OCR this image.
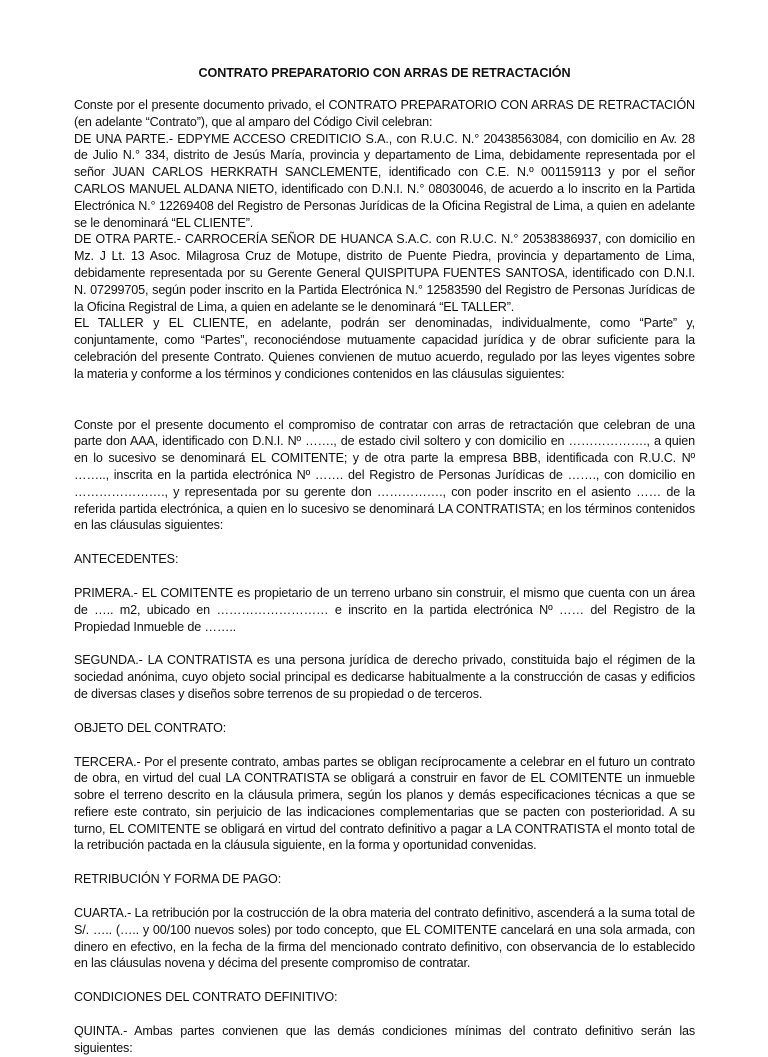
CONTRATO PREPARATORIO CON ARRAS DE RETRACTACIÓN

Conste por el presente documento privado, el CONTRATO PREPARATORIO CON ARRAS DE RETRACTACIÓN (en adelante “Contrato”), que al amparo del Código Civil celebran:

DE UNA PARTE.- EDPYME ACCESO CREDITICIO S.A., con R.U.C. N.° 20438563084, con domicilio en Av. 28 de Julio N.° 334, distrito de Jesús María, provincia y departamento de Lima, debidamente representada por el señor JUAN CARLOS HERKRATH SANCLEMENTE, identificado con C.E. N.º 001159113 y por el señor CARLOS MANUEL ALDANA NIETO, identificado con D.N.I. N.° 08030046, de acuerdo a lo inscrito en la Partida Electrónica N.° 12269408 del Registro de Personas Jurídicas de la Oficina Registral de Lima, a quien en adelante se le denominará “EL CLIENTE”.

DE OTRA PARTE.- CARROCERÍA SEÑOR DE HUANCA S.A.C. con R.U.C. N.° 20538386937, con domicilio en Mz. J Lt. 13 Asoc. Milagrosa Cruz de Motupe, distrito de Puente Piedra, provincia y departamento de Lima, debidamente representada por su Gerente General QUISPITUPA FUENTES SANTOSA, identificado con D.N.I. N. 07299705, según poder inscrito en la Partida Electrónica N.° 12583590 del Registro de Personas Jurídicas de la Oficina Registral de Lima, a quien en adelante se le denominará “EL TALLER”.

EL TALLER y EL CLIENTE, en adelante, podrán ser denominadas, individualmente, como “Parte” y, conjuntamente, como “Partes”, reconociéndose mutuamente capacidad jurídica y de obrar suficiente para la celebración del presente Contrato. Quienes convienen de mutuo acuerdo, regulado por las leyes vigentes sobre la materia y conforme a los términos y condiciones contenidos en las cláusulas siguientes:

Conste por el presente documento el compromiso de contratar con arras de retractación que celebran de una parte don AAA, identificado con D.N.I. Nº ……., de estado civil soltero y con domicilio en ………………., a quien en lo sucesivo se denominará EL COMITENTE; y de otra parte la empresa BBB, identificada con R.U.C. Nº …….., inscrita en la partida electrónica Nº ……. del Registro de Personas Jurídicas de ……., con domicilio en …………………., y representada por su gerente don ……………., con poder inscrito en el asiento …… de la referida partida electrónica, a quien en lo sucesivo se denominará LA CONTRATISTA; en los términos contenidos en las cláusulas siguientes:
ANTECEDENTES:
PRIMERA.- EL COMITENTE es propietario de un terreno urbano sin construir, el mismo que cuenta con un área de ….. m2, ubicado en ……………………… e inscrito en la partida electrónica Nº …… del Registro de la Propiedad Inmueble de ……..
SEGUNDA.- LA CONTRATISTA es una persona jurídica de derecho privado, constituida bajo el régimen de la sociedad anónima, cuyo objeto social principal es dedicarse habitualmente a la construcción de casas y edificios de diversas clases y diseños sobre terrenos de su propiedad o de terceros.
OBJETO DEL CONTRATO:
TERCERA.- Por el presente contrato, ambas partes se obligan recíprocamente a celebrar en el futuro un contrato de obra, en virtud del cual LA CONTRATISTA se obligará a construir en favor de EL COMITENTE un inmueble sobre el terreno descrito en la cláusula primera, según los planos y demás especificaciones técnicas a que se refiere este contrato, sin perjuicio de las indicaciones complementarias que se pacten con posterioridad. A su turno, EL COMITENTE se obligará en virtud del contrato definitivo a pagar a LA CONTRATISTA el monto total de la retribución pactada en la cláusula siguiente, en la forma y oportunidad convenidas.
RETRIBUCIÓN Y FORMA DE PAGO:
CUARTA.- La retribución por la costrucción de la obra materia del contrato definitivo, ascenderá a la suma total de S/. ….. (….. y 00/100 nuevos soles) por todo concepto, que EL COMITENTE cancelará en una sola armada, con dinero en efectivo, en la fecha de la firma del mencionado contrato definitivo, con observancia de lo establecido en las cláusulas novena y décima del presente compromiso de contratar.
CONDICIONES DEL CONTRATO DEFINITIVO:
QUINTA.- Ambas partes convienen que las demás condiciones mínimas del contrato definitivo serán las siguientes:
